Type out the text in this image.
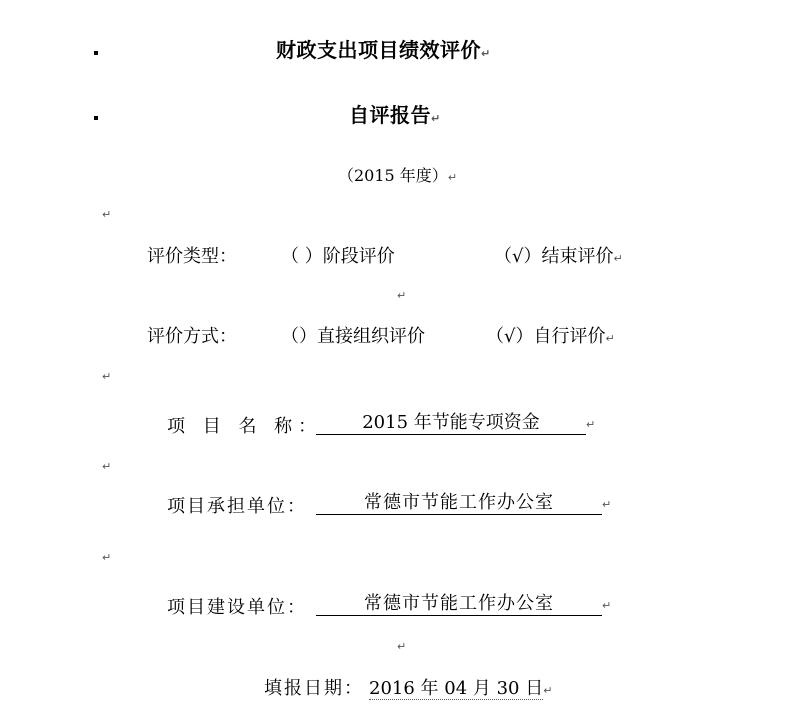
财政支出项目绩效评价↵
自评报告↵
（2015 年度）↵
↵
评价类型： （ ）阶段评价	（√）结束评价↵
↵
评价方式： （）直接组织评价	（√）自行评价↵
↵
项 目 名 称：	2015 年节能专项资金	↵
↵
项目承担单位：	常德市节能工作办公室	↵
↵
项目建设单位：	常德市节能工作办公室	↵
↵
填报日期： 2016 年 04 月 30 日↵
